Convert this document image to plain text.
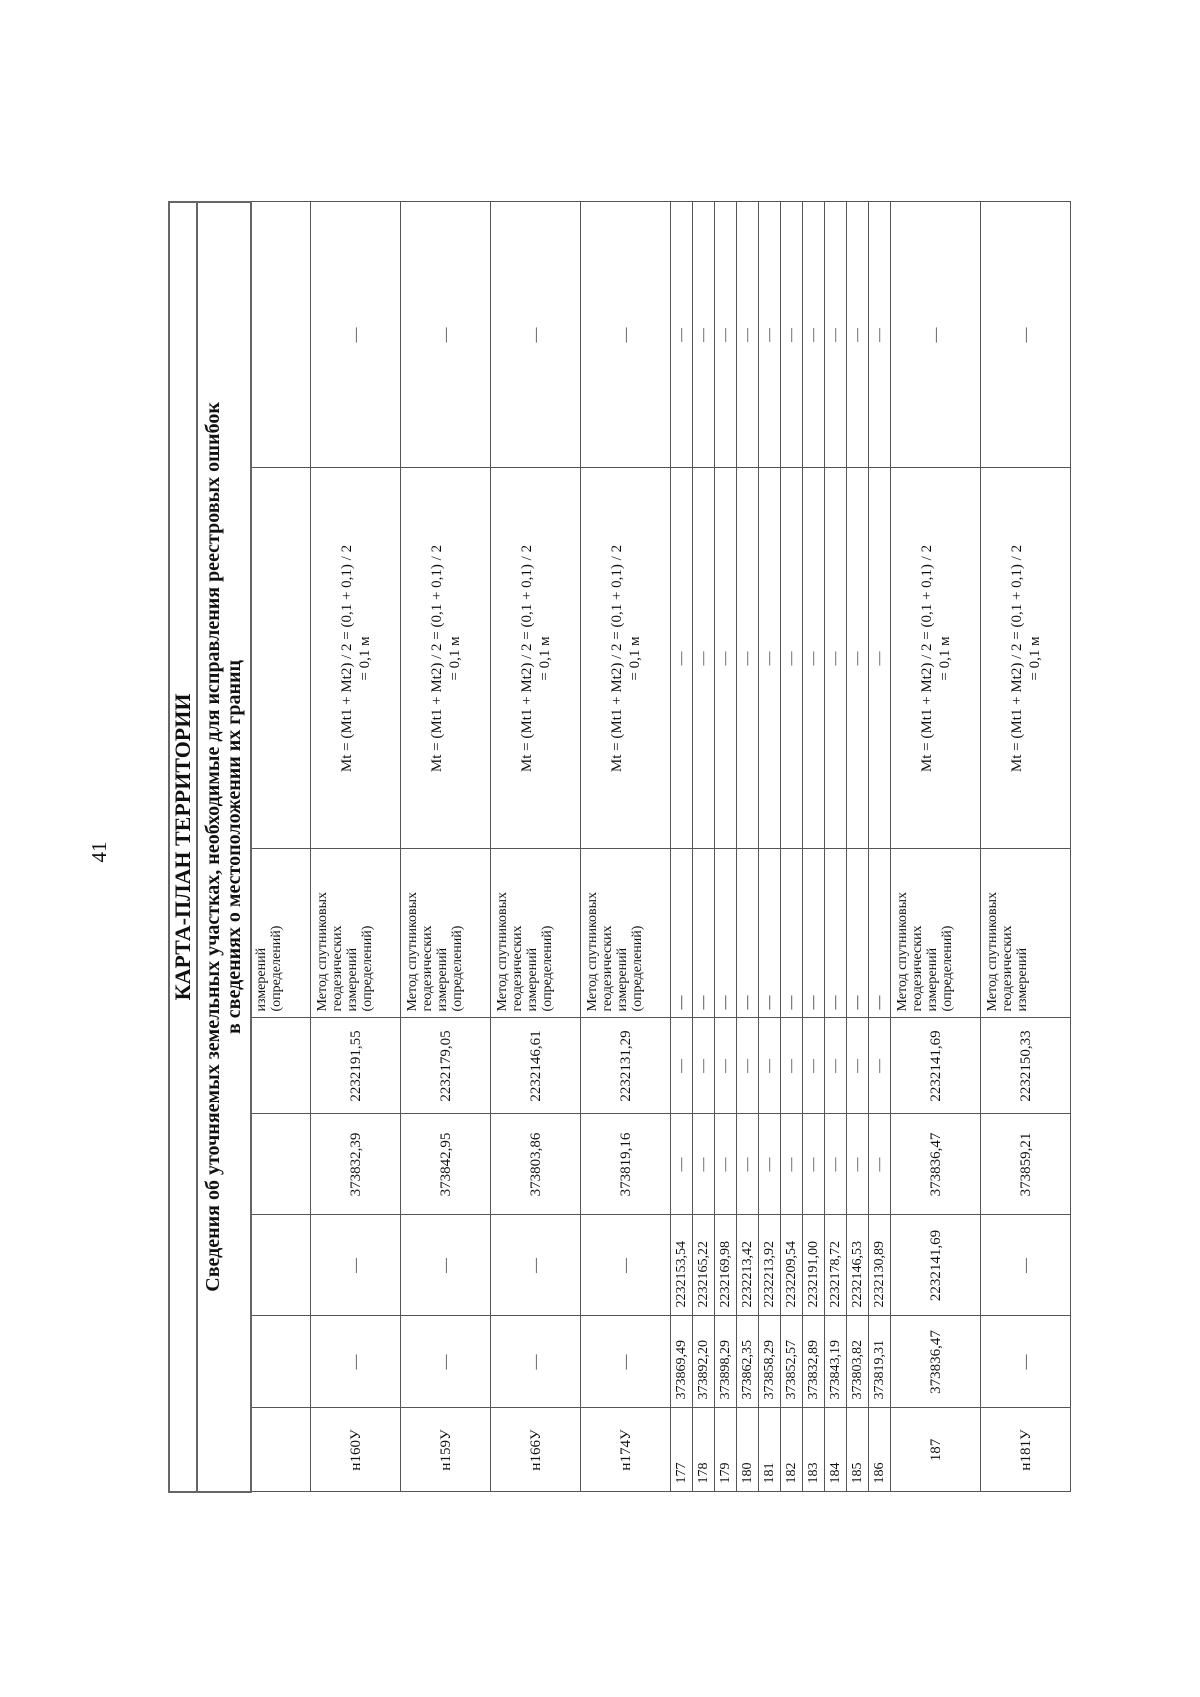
41	КАРТА-ПЛАН ТЕРРИТОРИИ							

Сведения об уточняемых земельных участках, необходимые для исправления реестровых ошибок в сведениях о местоположении их границ							

					измерений
(определений)		
н160У	—	—	373832,39	2232191,55	Метод спутниковых
геодезических
измерений
(определений)	Mt = (Mt1 + Mt2) / 2 = (0,1 + 0,1) / 2
= 0,1 м	—
н159У	—	—	373842,95	2232179,05	Метод спутниковых
геодезических
измерений
(определений)	Mt = (Mt1 + Mt2) / 2 = (0,1 + 0,1) / 2
= 0,1 м	—
н166У	—	—	373803,86	2232146,61	Метод спутниковых
геодезических
измерений
(определений)	Mt = (Mt1 + Mt2) / 2 = (0,1 + 0,1) / 2
= 0,1 м	—
н174У	—	—	373819,16	2232131,29	Метод спутниковых
геодезических
измерений
(определений)	Mt = (Mt1 + Mt2) / 2 = (0,1 + 0,1) / 2
= 0,1 м	—
177	373869,49	2232153,54	—	—	—	—	—
178	373892,20	2232165,22	—	—	—	—	—
179	373898,29	2232169,98	—	—	—	—	—
180	373862,35	2232213,42	—	—	—	—	—
181	373858,29	2232213,92	—	—	—	—	—
182	373852,57	2232209,54	—	—	—	—	—
183	373832,89	2232191,00	—	—	—	—	—
184	373843,19	2232178,72	—	—	—	—	—
185	373803,82	2232146,53	—	—	—	—	—
186	373819,31	2232130,89	—	—	—	—	—
187	373836,47	2232141,69	373836,47	2232141,69	Метод спутниковых
геодезических
измерений
(определений)	Mt = (Mt1 + Mt2) / 2 = (0,1 + 0,1) / 2
= 0,1 м	—
н181У	—	—	373859,21	2232150,33	Метод спутниковых
геодезических
измерений	Mt = (Mt1 + Mt2) / 2 = (0,1 + 0,1) / 2
= 0,1 м	—
